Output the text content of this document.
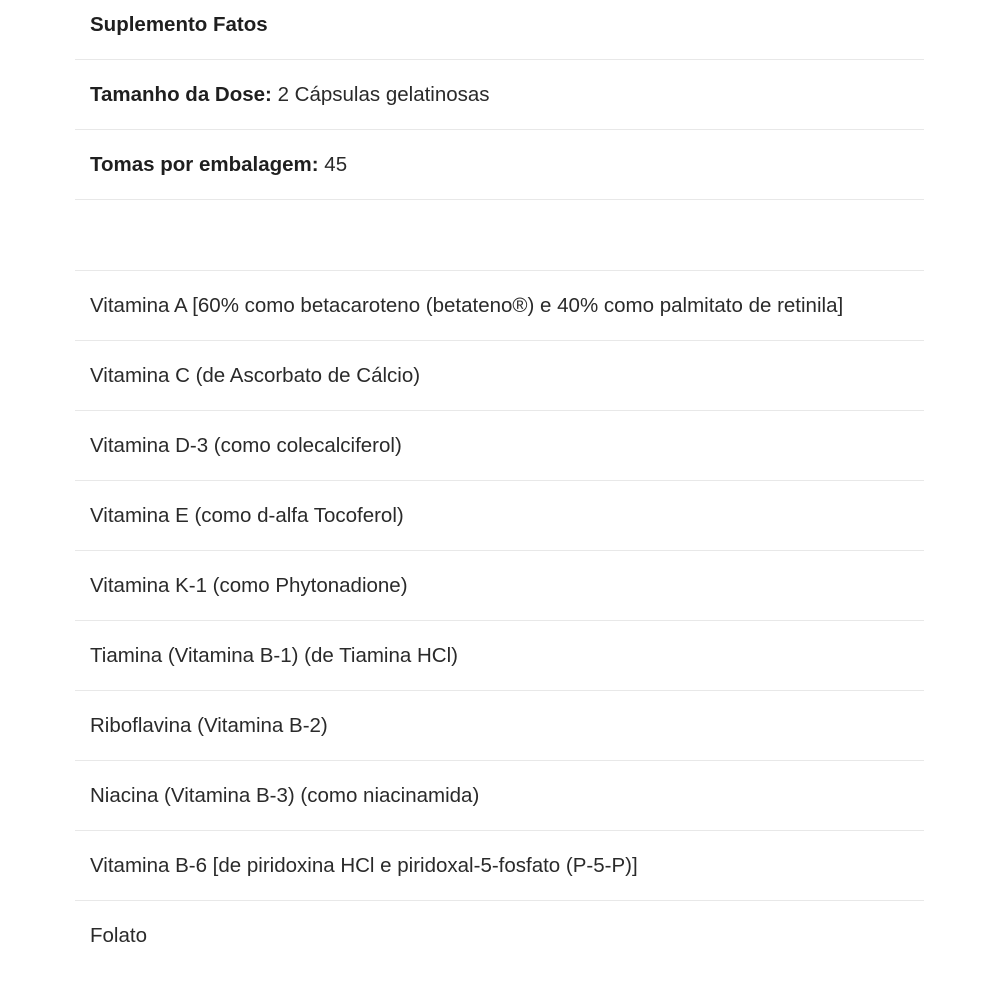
Suplemento Fatos
Tamanho da Dose:
2 Cápsulas gelatinosas
Tomas por embalagem:
45
Vitamina A [60% como betacaroteno (betateno®) e 40% como palmitato de retinila]
Vitamina C (de Ascorbato de Cálcio)
Vitamina D-3 (como colecalciferol)
Vitamina E (como d-alfa Tocoferol)
Vitamina K-1 (como Phytonadione)
Tiamina (Vitamina B-1) (de Tiamina HCl)
Riboflavina (Vitamina B-2)
Niacina (Vitamina B-3) (como niacinamida)
Vitamina B-6 [de piridoxina HCl e piridoxal-5-fosfato (P-5-P)]
Folato
